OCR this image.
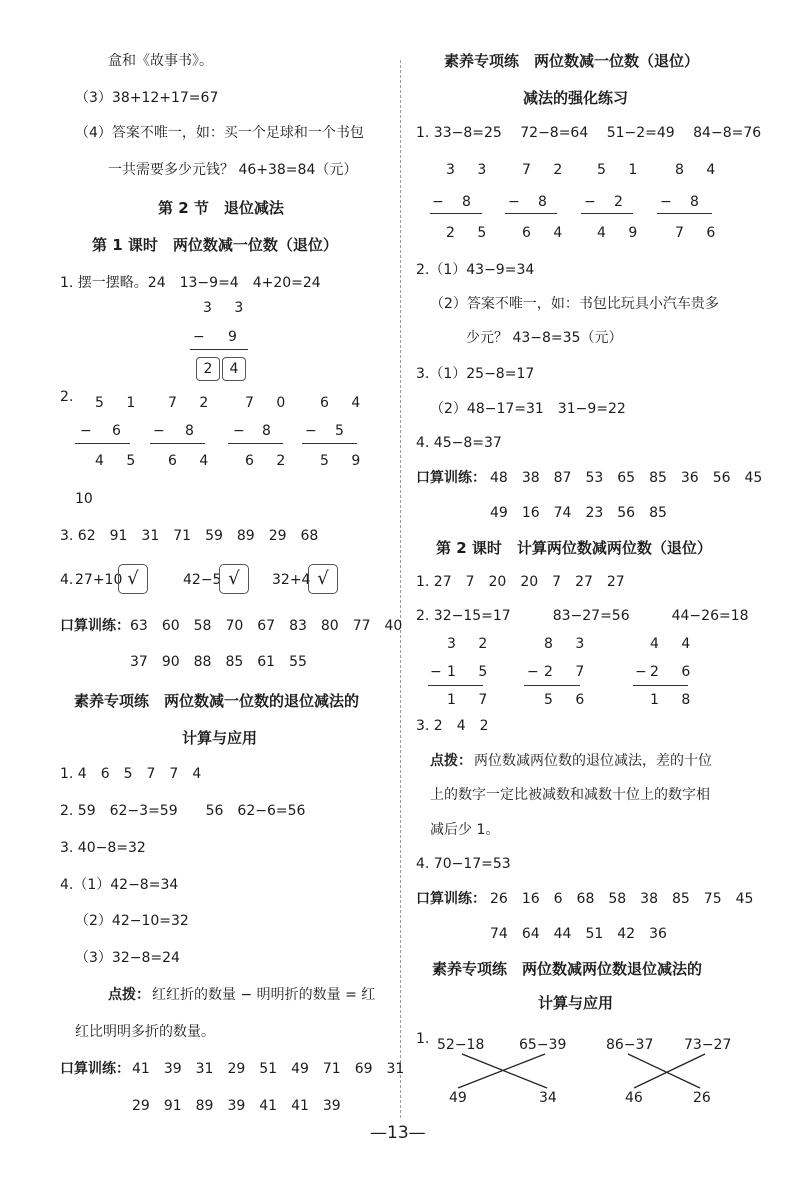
盒和《故事书》。
（3）38+12+17=67
（4）答案不唯一，如：买一个足球和一个书包
一共需要多少元钱？ 46+38=84（元）
第 2 节　退位减法
第 1 课时　两位数减一位数（退位）
1. 摆一摆略。24　13−9=4　4+20=24
3 3
− 9
2	4
2. 5 1
− 6
4 5
7 2
− 8
6 4
7 0
− 8
6 2
6 4
− 5
5 9
10
3. 62　91　31　71　59　89　29　68
4. 27+10 √	42−5 √	32+4 √
口算训练： 63　60　58　70　67　83　80　77　40
37　90　88　85　61　55
素养专项练　两位数减一位数的退位减法的
计算与应用
1. 4　6　5　7　7　4
2. 59　62−3=59　　56　62−6=56
3. 40−8=32
4.（1）42−8=34
（2）42−10=32
（3）32−8=24
点拨： 红红折的数量 − 明明折的数量 = 红
红比明明多折的数量。
口算训练： 41　39　31　29　51　49　71　69　31
29　91　89　39　41　41　39
素养专项练　两位数减一位数（退位）
减法的强化练习
1. 33−8=25　 72−8=64　 51−2=49　 84−8=76
3 3
− 8
2 5
7 2
− 8
6 4
5 1
− 2
4 9
8 4
− 8
7 6
2.（1）43−9=34
（2）答案不唯一，如：书包比玩具小汽车贵多
少元？ 43−8=35（元）
3.（1）25−8=17
（2）48−17=31　31−9=22
4. 45−8=37
口算训练： 48　38　87　53　65　85　36　56　45
49　16　74　23　56　85
第 2 课时　计算两位数减两位数（退位）
1. 27　7　20　20　7　27　27
2. 32−15=17　　　83−27=56　　　44−26=18
3 2
− 1 5
1 7
8 3
− 2 7
5 6
4 4
− 2 6
1 8
3. 2　4　2
点拨： 两位数减两位数的退位减法，差的十位
上的数字一定比被减数和减数十位上的数字相
减后少 1。
4. 70−17=53
口算训练： 26　16　6　68　58　38　85　75　45
74　64　44　51　42　36
素养专项练　两位数减两位数退位减法的
计算与应用
1. 52−18 65−39	86−37 73−27
49	34	46	26
—13—
